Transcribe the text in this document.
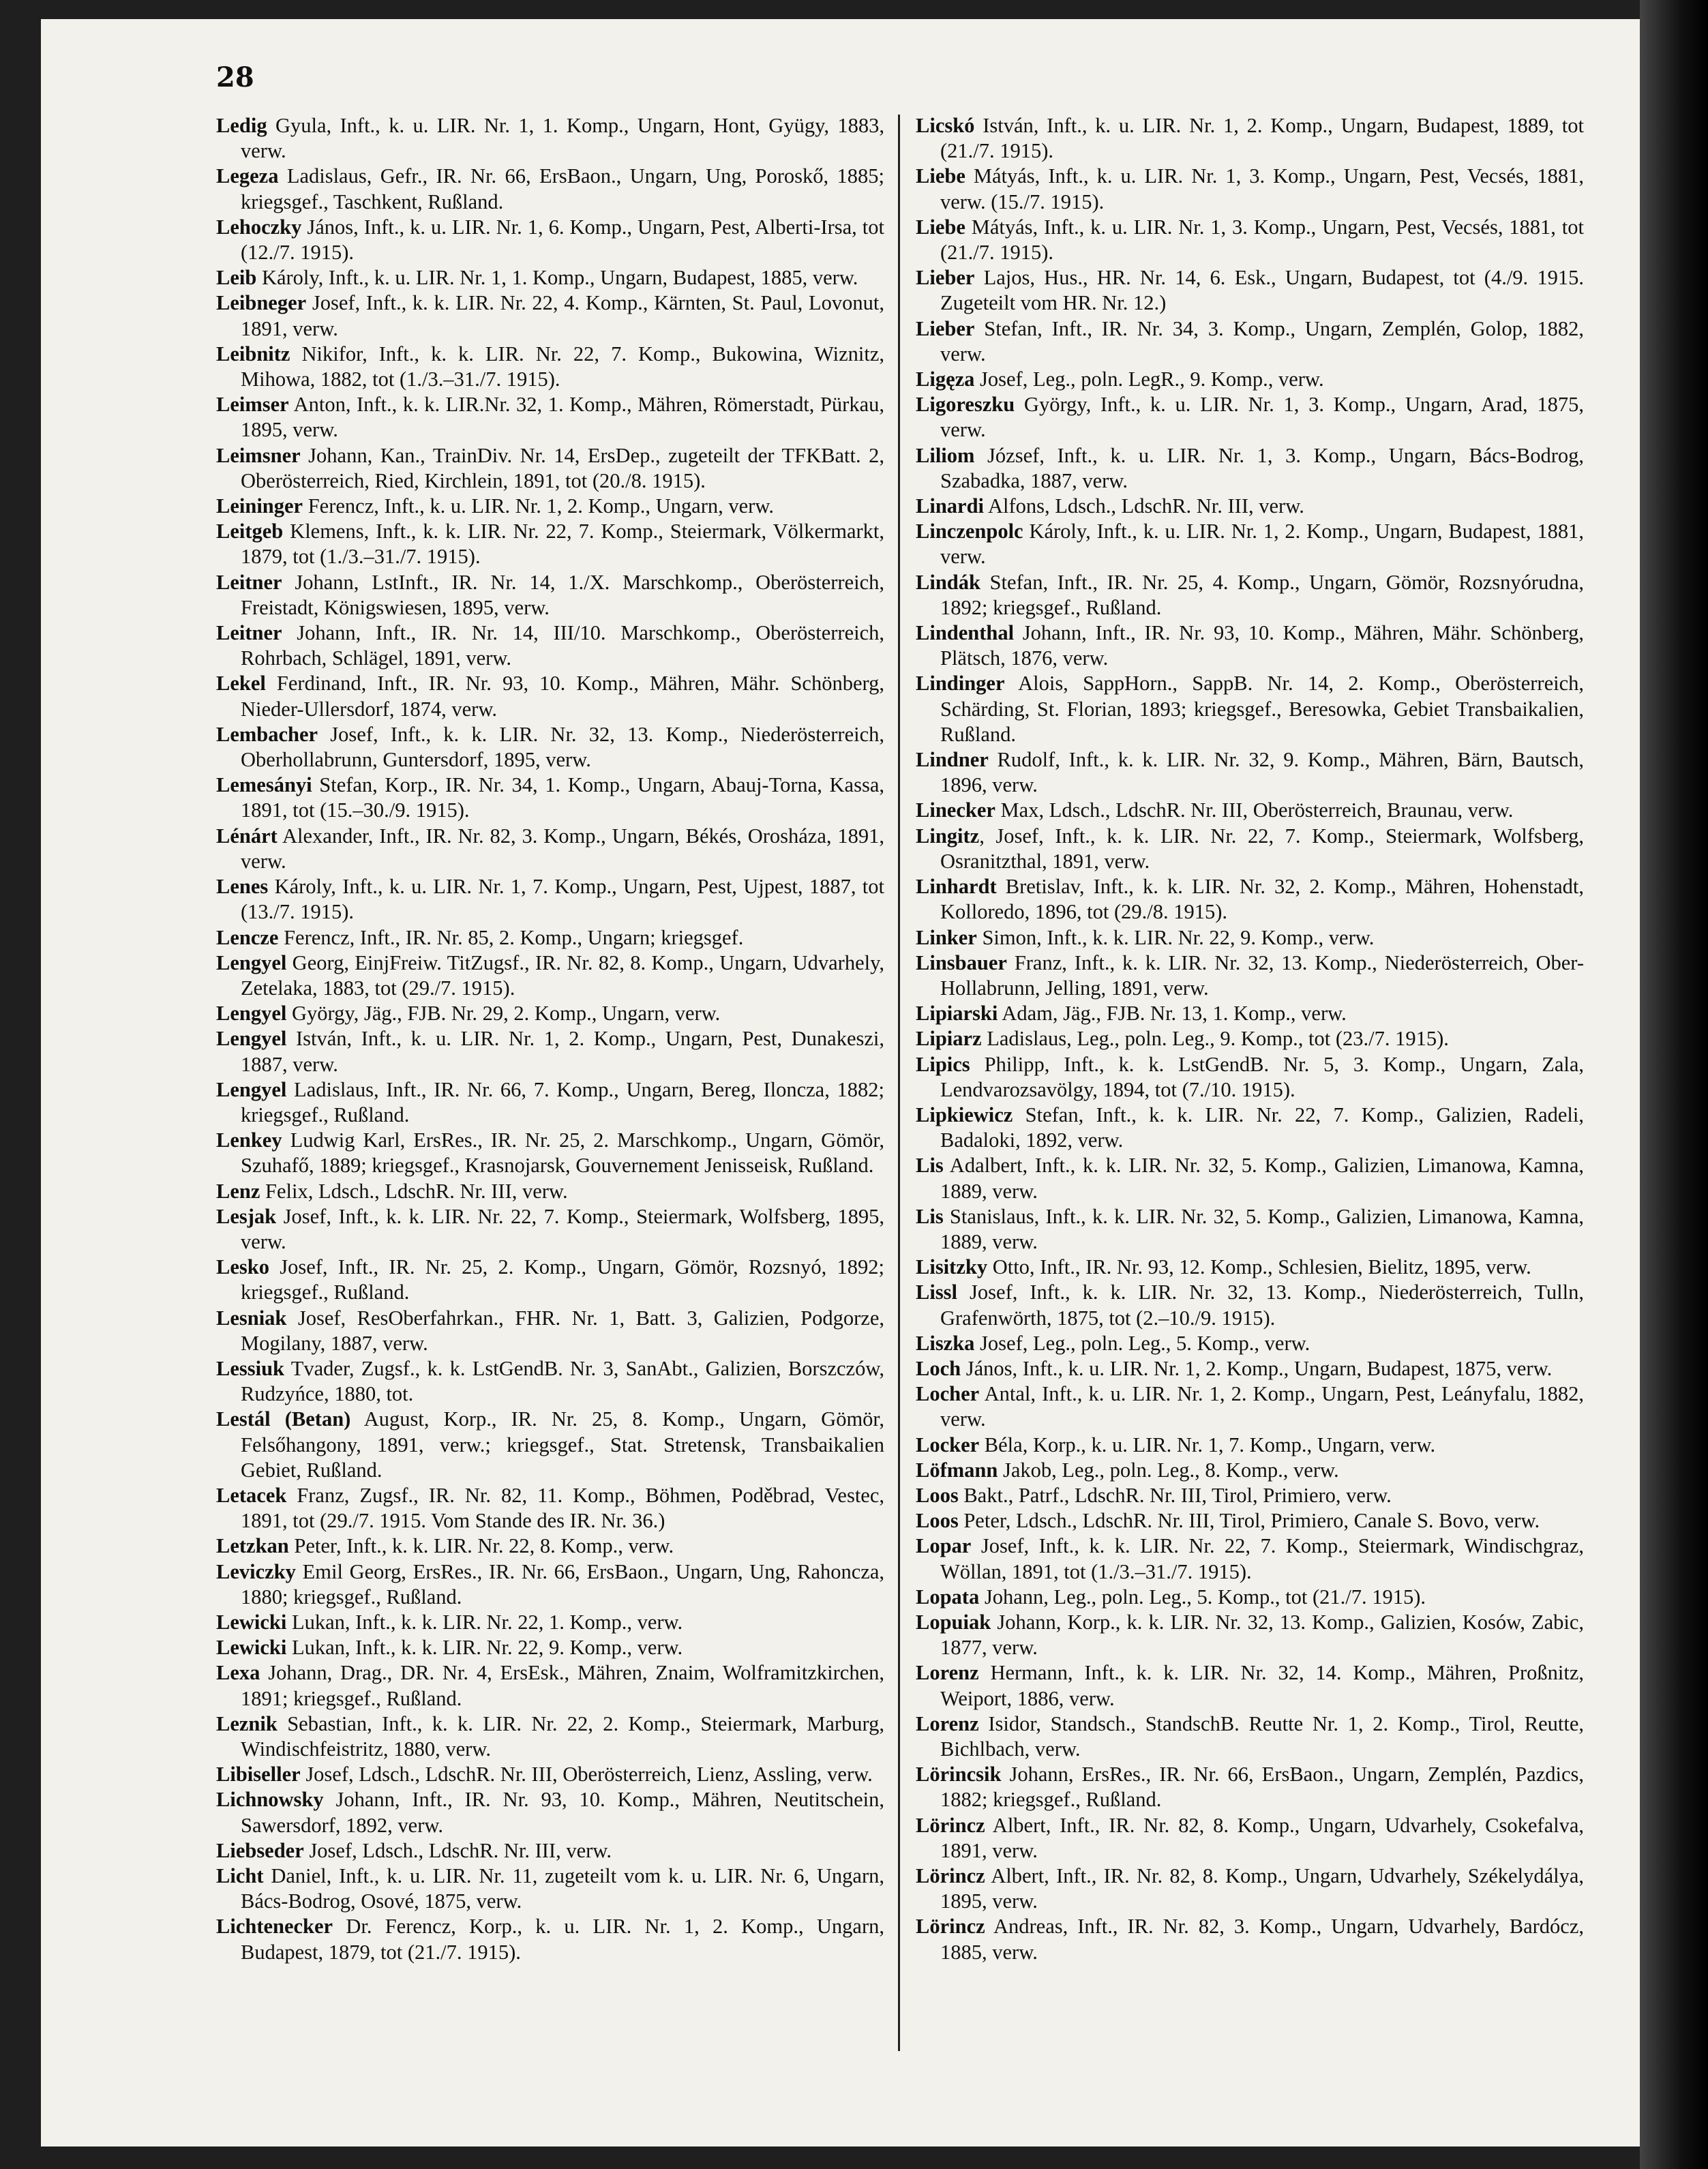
28
Ledig Gyula, Inft., k. u. LIR. Nr. 1, 1. Komp., Ungarn, Hont, Gyügy, 1883, verw.
Legeza Ladislaus, Gefr., IR. Nr. 66, ErsBaon., Ungarn, Ung, Poroskő, 1885; kriegsgef., Taschkent, Rußland.
Lehoczky János, Inft., k. u. LIR. Nr. 1, 6. Komp., Ungarn, Pest, Alberti-Irsa, tot (12./7. 1915).
Leib Károly, Inft., k. u. LIR. Nr. 1, 1. Komp., Ungarn, Budapest, 1885, verw.
Leibneger Josef, Inft., k. k. LIR. Nr. 22, 4. Komp., Kärnten, St. Paul, Lovonut, 1891, verw.
Leibnitz Nikifor, Inft., k. k. LIR. Nr. 22, 7. Komp., Bukowina, Wiznitz, Mihowa, 1882, tot (1./3.–31./7. 1915).
Leimser Anton, Inft., k. k. LIR.Nr. 32, 1. Komp., Mähren, Römerstadt, Pürkau, 1895, verw.
Leimsner Johann, Kan., TrainDiv. Nr. 14, ErsDep., zugeteilt der TFKBatt. 2, Oberösterreich, Ried, Kirchlein, 1891, tot (20./8. 1915).
Leininger Ferencz, Inft., k. u. LIR. Nr. 1, 2. Komp., Ungarn, verw.
Leitgeb Klemens, Inft., k. k. LIR. Nr. 22, 7. Komp., Steiermark, Völkermarkt, 1879, tot (1./3.–31./7. 1915).
Leitner Johann, LstInft., IR. Nr. 14, 1./X. Marschkomp., Oberösterreich, Freistadt, Königswiesen, 1895, verw.
Leitner Johann, Inft., IR. Nr. 14, III/10. Marschkomp., Oberösterreich, Rohrbach, Schlägel, 1891, verw.
Lekel Ferdinand, Inft., IR. Nr. 93, 10. Komp., Mähren, Mähr. Schönberg, Nieder-Ullersdorf, 1874, verw.
Lembacher Josef, Inft., k. k. LIR. Nr. 32, 13. Komp., Niederösterreich, Oberhollabrunn, Guntersdorf, 1895, verw.
Lemesányi Stefan, Korp., IR. Nr. 34, 1. Komp., Ungarn, Abauj-Torna, Kassa, 1891, tot (15.–30./9. 1915).
Lénárt Alexander, Inft., IR. Nr. 82, 3. Komp., Ungarn, Békés, Orosháza, 1891, verw.
Lenes Károly, Inft., k. u. LIR. Nr. 1, 7. Komp., Ungarn, Pest, Ujpest, 1887, tot (13./7. 1915).
Lencze Ferencz, Inft., IR. Nr. 85, 2. Komp., Ungarn; kriegsgef.
Lengyel Georg, EinjFreiw. TitZugsf., IR. Nr. 82, 8. Komp., Ungarn, Udvarhely, Zetelaka, 1883, tot (29./7. 1915).
Lengyel György, Jäg., FJB. Nr. 29, 2. Komp., Ungarn, verw.
Lengyel István, Inft., k. u. LIR. Nr. 1, 2. Komp., Ungarn, Pest, Dunakeszi, 1887, verw.
Lengyel Ladislaus, Inft., IR. Nr. 66, 7. Komp., Ungarn, Bereg, Iloncza, 1882; kriegsgef., Rußland.
Lenkey Ludwig Karl, ErsRes., IR. Nr. 25, 2. Marschkomp., Ungarn, Gömör, Szuhafő, 1889; kriegsgef., Krasnojarsk, Gouvernement Jenisseisk, Rußland.
Lenz Felix, Ldsch., LdschR. Nr. III, verw.
Lesjak Josef, Inft., k. k. LIR. Nr. 22, 7. Komp., Steiermark, Wolfsberg, 1895, verw.
Lesko Josef, Inft., IR. Nr. 25, 2. Komp., Ungarn, Gömör, Rozsnyó, 1892; kriegsgef., Rußland.
Lesniak Josef, ResOberfahrkan., FHR. Nr. 1, Batt. 3, Galizien, Podgorze, Mogilany, 1887, verw.
Lessiuk Tvader, Zugsf., k. k. LstGendB. Nr. 3, SanAbt., Galizien, Borszczów, Rudzyńce, 1880, tot.
Lestál (Betan) August, Korp., IR. Nr. 25, 8. Komp., Ungarn, Gömör, Felsőhangony, 1891, verw.; kriegsgef., Stat. Stretensk, Transbaikalien Gebiet, Rußland.
Letacek Franz, Zugsf., IR. Nr. 82, 11. Komp., Böhmen, Poděbrad, Vestec, 1891, tot (29./7. 1915. Vom Stande des IR. Nr. 36.)
Letzkan Peter, Inft., k. k. LIR. Nr. 22, 8. Komp., verw.
Leviczky Emil Georg, ErsRes., IR. Nr. 66, ErsBaon., Ungarn, Ung, Rahoncza, 1880; kriegsgef., Rußland.
Lewicki Lukan, Inft., k. k. LIR. Nr. 22, 1. Komp., verw.
Lewicki Lukan, Inft., k. k. LIR. Nr. 22, 9. Komp., verw.
Lexa Johann, Drag., DR. Nr. 4, ErsEsk., Mähren, Znaim, Wolframitzkirchen, 1891; kriegsgef., Rußland.
Leznik Sebastian, Inft., k. k. LIR. Nr. 22, 2. Komp., Steiermark, Marburg, Windischfeistritz, 1880, verw.
Libiseller Josef, Ldsch., LdschR. Nr. III, Oberösterreich, Lienz, Assling, verw.
Lichnowsky Johann, Inft., IR. Nr. 93, 10. Komp., Mähren, Neutitschein, Sawersdorf, 1892, verw.
Liebseder Josef, Ldsch., LdschR. Nr. III, verw.
Licht Daniel, Inft., k. u. LIR. Nr. 11, zugeteilt vom k. u. LIR. Nr. 6, Ungarn, Bács-Bodrog, Osové, 1875, verw.
Lichtenecker Dr. Ferencz, Korp., k. u. LIR. Nr. 1, 2. Komp., Ungarn, Budapest, 1879, tot (21./7. 1915).
Licskó István, Inft., k. u. LIR. Nr. 1, 2. Komp., Ungarn, Budapest, 1889, tot (21./7. 1915).
Liebe Mátyás, Inft., k. u. LIR. Nr. 1, 3. Komp., Ungarn, Pest, Vecsés, 1881, verw. (15./7. 1915).
Liebe Mátyás, Inft., k. u. LIR. Nr. 1, 3. Komp., Ungarn, Pest, Vecsés, 1881, tot (21./7. 1915).
Lieber Lajos, Hus., HR. Nr. 14, 6. Esk., Ungarn, Budapest, tot (4./9. 1915. Zugeteilt vom HR. Nr. 12.)
Lieber Stefan, Inft., IR. Nr. 34, 3. Komp., Ungarn, Zemplén, Golop, 1882, verw.
Ligęza Josef, Leg., poln. LegR., 9. Komp., verw.
Ligoreszku György, Inft., k. u. LIR. Nr. 1, 3. Komp., Ungarn, Arad, 1875, verw.
Liliom József, Inft., k. u. LIR. Nr. 1, 3. Komp., Ungarn, Bács-Bodrog, Szabadka, 1887, verw.
Linardi Alfons, Ldsch., LdschR. Nr. III, verw.
Linczenpolc Károly, Inft., k. u. LIR. Nr. 1, 2. Komp., Ungarn, Budapest, 1881, verw.
Lindák Stefan, Inft., IR. Nr. 25, 4. Komp., Ungarn, Gömör, Rozsnyórudna, 1892; kriegsgef., Rußland.
Lindenthal Johann, Inft., IR. Nr. 93, 10. Komp., Mähren, Mähr. Schönberg, Plätsch, 1876, verw.
Lindinger Alois, SappHorn., SappB. Nr. 14, 2. Komp., Oberösterreich, Schärding, St. Florian, 1893; kriegsgef., Beresowka, Gebiet Transbaikalien, Rußland.
Lindner Rudolf, Inft., k. k. LIR. Nr. 32, 9. Komp., Mähren, Bärn, Bautsch, 1896, verw.
Linecker Max, Ldsch., LdschR. Nr. III, Oberösterreich, Braunau, verw.
Lingitz, Josef, Inft., k. k. LIR. Nr. 22, 7. Komp., Steiermark, Wolfsberg, Osranitzthal, 1891, verw.
Linhardt Bretislav, Inft., k. k. LIR. Nr. 32, 2. Komp., Mähren, Hohenstadt, Kolloredo, 1896, tot (29./8. 1915).
Linker Simon, Inft., k. k. LIR. Nr. 22, 9. Komp., verw.
Linsbauer Franz, Inft., k. k. LIR. Nr. 32, 13. Komp., Niederösterreich, Ober-Hollabrunn, Jelling, 1891, verw.
Lipiarski Adam, Jäg., FJB. Nr. 13, 1. Komp., verw.
Lipiarz Ladislaus, Leg., poln. Leg., 9. Komp., tot (23./7. 1915).
Lipics Philipp, Inft., k. k. LstGendB. Nr. 5, 3. Komp., Ungarn, Zala, Lendvarozsavölgy, 1894, tot (7./10. 1915).
Lipkiewicz Stefan, Inft., k. k. LIR. Nr. 22, 7. Komp., Galizien, Radeli, Badaloki, 1892, verw.
Lis Adalbert, Inft., k. k. LIR. Nr. 32, 5. Komp., Galizien, Limanowa, Kamna, 1889, verw.
Lis Stanislaus, Inft., k. k. LIR. Nr. 32, 5. Komp., Galizien, Limanowa, Kamna, 1889, verw.
Lisitzky Otto, Inft., IR. Nr. 93, 12. Komp., Schlesien, Bielitz, 1895, verw.
Lissl Josef, Inft., k. k. LIR. Nr. 32, 13. Komp., Niederösterreich, Tulln, Grafenwörth, 1875, tot (2.–10./9. 1915).
Liszka Josef, Leg., poln. Leg., 5. Komp., verw.
Loch János, Inft., k. u. LIR. Nr. 1, 2. Komp., Ungarn, Budapest, 1875, verw.
Locher Antal, Inft., k. u. LIR. Nr. 1, 2. Komp., Ungarn, Pest, Leányfalu, 1882, verw.
Locker Béla, Korp., k. u. LIR. Nr. 1, 7. Komp., Ungarn, verw.
Löfmann Jakob, Leg., poln. Leg., 8. Komp., verw.
Loos Bakt., Patrf., LdschR. Nr. III, Tirol, Primiero, verw.
Loos Peter, Ldsch., LdschR. Nr. III, Tirol, Primiero, Canale S. Bovo, verw.
Lopar Josef, Inft., k. k. LIR. Nr. 22, 7. Komp., Steiermark, Windischgraz, Wöllan, 1891, tot (1./3.–31./7. 1915).
Lopata Johann, Leg., poln. Leg., 5. Komp., tot (21./7. 1915).
Lopuiak Johann, Korp., k. k. LIR. Nr. 32, 13. Komp., Galizien, Kosów, Zabic, 1877, verw.
Lorenz Hermann, Inft., k. k. LIR. Nr. 32, 14. Komp., Mähren, Proßnitz, Weiport, 1886, verw.
Lorenz Isidor, Standsch., StandschB. Reutte Nr. 1, 2. Komp., Tirol, Reutte, Bichlbach, verw.
Lörincsik Johann, ErsRes., IR. Nr. 66, ErsBaon., Ungarn, Zemplén, Pazdics, 1882; kriegsgef., Rußland.
Lörincz Albert, Inft., IR. Nr. 82, 8. Komp., Ungarn, Udvarhely, Csokefalva, 1891, verw.
Lörincz Albert, Inft., IR. Nr. 82, 8. Komp., Ungarn, Udvarhely, Székelydálya, 1895, verw.
Lörincz Andreas, Inft., IR. Nr. 82, 3. Komp., Ungarn, Udvarhely, Bardócz, 1885, verw.
